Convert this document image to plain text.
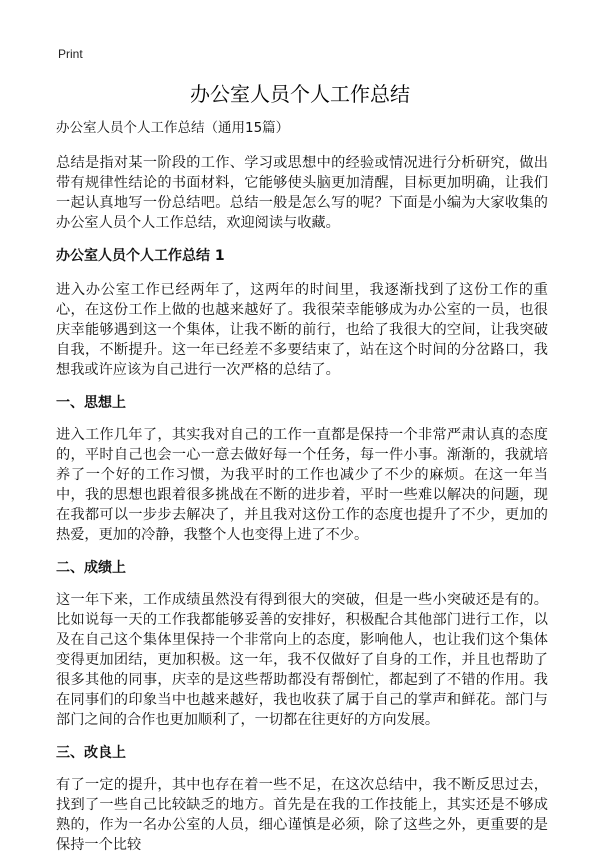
Print
办公室人员个人工作总结
办公室人员个人工作总结（通用15篇）

总结是指对某一阶段的工作、学习或思想中的经验或情况进行分析研究，做出带有规律性结论的书面材料，它能够使头脑更加清醒，目标更加明确，让我们一起认真地写一份总结吧。总结一般是怎么写的呢？下面是小编为大家收集的办公室人员个人工作总结，欢迎阅读与收藏。

办公室人员个人工作总结 1

进入办公室工作已经两年了，这两年的时间里，我逐渐找到了这份工作的重心，在这份工作上做的也越来越好了。我很荣幸能够成为办公室的一员，也很庆幸能够遇到这一个集体，让我不断的前行，也给了我很大的空间，让我突破自我，不断提升。这一年已经差不多要结束了，站在这个时间的分岔路口，我想我或许应该为自己进行一次严格的总结了。

一、思想上

进入工作几年了，其实我对自己的工作一直都是保持一个非常严肃认真的态度的，平时自己也会一心一意去做好每一个任务，每一件小事。渐渐的，我就培养了一个好的工作习惯，为我平时的工作也减少了不少的麻烦。在这一年当中，我的思想也跟着很多挑战在不断的进步着，平时一些难以解决的问题，现在我都可以一步步去解决了，并且我对这份工作的态度也提升了不少，更加的热爱，更加的冷静，我整个人也变得上进了不少。

二、成绩上

这一年下来，工作成绩虽然没有得到很大的突破，但是一些小突破还是有的。比如说每一天的工作我都能够妥善的安排好，积极配合其他部门进行工作，以及在自己这个集体里保持一个非常向上的态度，影响他人，也让我们这个集体变得更加团结，更加积极。这一年，我不仅做好了自身的工作，并且也帮助了很多其他的同事，庆幸的是这些帮助都没有帮倒忙，都起到了不错的作用。我在同事们的印象当中也越来越好，我也收获了属于自己的掌声和鲜花。部门与部门之间的合作也更加顺利了，一切都在往更好的方向发展。

三、改良上

有了一定的提升，其中也存在着一些不足，在这次总结中，我不断反思过去，找到了一些自己比较缺乏的地方。首先是在我的工作技能上，其实还是不够成熟的，作为一名办公室的人员，细心谨慎是必须，除了这些之外，更重要的是保持一个比较
